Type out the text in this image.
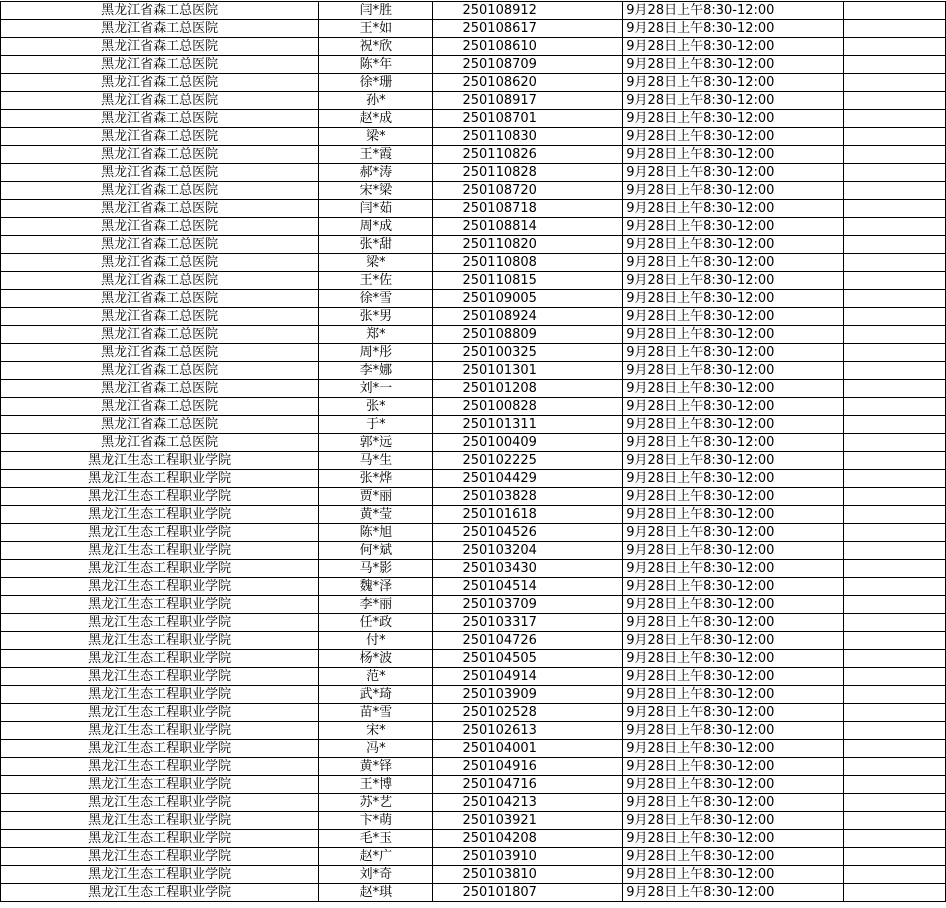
黑龙江省森工总医院	闫*胜	250108912	9月28日上午8:30-12:00	
黑龙江省森工总医院	王*如	250108617	9月28日上午8:30-12:00	
黑龙江省森工总医院	祝*欣	250108610	9月28日上午8:30-12:00	
黑龙江省森工总医院	陈*年	250108709	9月28日上午8:30-12:00	
黑龙江省森工总医院	徐*珊	250108620	9月28日上午8:30-12:00	
黑龙江省森工总医院	孙*	250108917	9月28日上午8:30-12:00	
黑龙江省森工总医院	赵*成	250108701	9月28日上午8:30-12:00	
黑龙江省森工总医院	梁*	250110830	9月28日上午8:30-12:00	
黑龙江省森工总医院	王*霞	250110826	9月28日上午8:30-12:00	
黑龙江省森工总医院	郝*涛	250110828	9月28日上午8:30-12:00	
黑龙江省森工总医院	宋*梁	250108720	9月28日上午8:30-12:00	
黑龙江省森工总医院	闫*茹	250108718	9月28日上午8:30-12:00	
黑龙江省森工总医院	周*成	250108814	9月28日上午8:30-12:00	
黑龙江省森工总医院	张*甜	250110820	9月28日上午8:30-12:00	
黑龙江省森工总医院	梁*	250110808	9月28日上午8:30-12:00	
黑龙江省森工总医院	王*佐	250110815	9月28日上午8:30-12:00	
黑龙江省森工总医院	徐*雪	250109005	9月28日上午8:30-12:00	
黑龙江省森工总医院	张*男	250108924	9月28日上午8:30-12:00	
黑龙江省森工总医院	郑*	250108809	9月28日上午8:30-12:00	
黑龙江省森工总医院	周*彤	250100325	9月28日上午8:30-12:00	
黑龙江省森工总医院	李*娜	250101301	9月28日上午8:30-12:00	
黑龙江省森工总医院	刘*一	250101208	9月28日上午8:30-12:00	
黑龙江省森工总医院	张*	250100828	9月28日上午8:30-12:00	
黑龙江省森工总医院	于*	250101311	9月28日上午8:30-12:00	
黑龙江省森工总医院	郭*远	250100409	9月28日上午8:30-12:00	
黑龙江生态工程职业学院	马*生	250102225	9月28日上午8:30-12:00	
黑龙江生态工程职业学院	张*烨	250104429	9月28日上午8:30-12:00	
黑龙江生态工程职业学院	贾*丽	250103828	9月28日上午8:30-12:00	
黑龙江生态工程职业学院	黄*莹	250101618	9月28日上午8:30-12:00	
黑龙江生态工程职业学院	陈*旭	250104526	9月28日上午8:30-12:00	
黑龙江生态工程职业学院	何*斌	250103204	9月28日上午8:30-12:00	
黑龙江生态工程职业学院	马*影	250103430	9月28日上午8:30-12:00	
黑龙江生态工程职业学院	魏*泽	250104514	9月28日上午8:30-12:00	
黑龙江生态工程职业学院	李*丽	250103709	9月28日上午8:30-12:00	
黑龙江生态工程职业学院	任*政	250103317	9月28日上午8:30-12:00	
黑龙江生态工程职业学院	付*	250104726	9月28日上午8:30-12:00	
黑龙江生态工程职业学院	杨*波	250104505	9月28日上午8:30-12:00	
黑龙江生态工程职业学院	范*	250104914	9月28日上午8:30-12:00	
黑龙江生态工程职业学院	武*琦	250103909	9月28日上午8:30-12:00	
黑龙江生态工程职业学院	苗*雪	250102528	9月28日上午8:30-12:00	
黑龙江生态工程职业学院	宋*	250102613	9月28日上午8:30-12:00	
黑龙江生态工程职业学院	冯*	250104001	9月28日上午8:30-12:00	
黑龙江生态工程职业学院	黄*铎	250104916	9月28日上午8:30-12:00	
黑龙江生态工程职业学院	王*博	250104716	9月28日上午8:30-12:00	
黑龙江生态工程职业学院	苏*艺	250104213	9月28日上午8:30-12:00	
黑龙江生态工程职业学院	卞*萌	250103921	9月28日上午8:30-12:00	
黑龙江生态工程职业学院	毛*玉	250104208	9月28日上午8:30-12:00	
黑龙江生态工程职业学院	赵*广	250103910	9月28日上午8:30-12:00	
黑龙江生态工程职业学院	刘*奇	250103810	9月28日上午8:30-12:00	
黑龙江生态工程职业学院	赵*琪	250101807	9月28日上午8:30-12:00	
